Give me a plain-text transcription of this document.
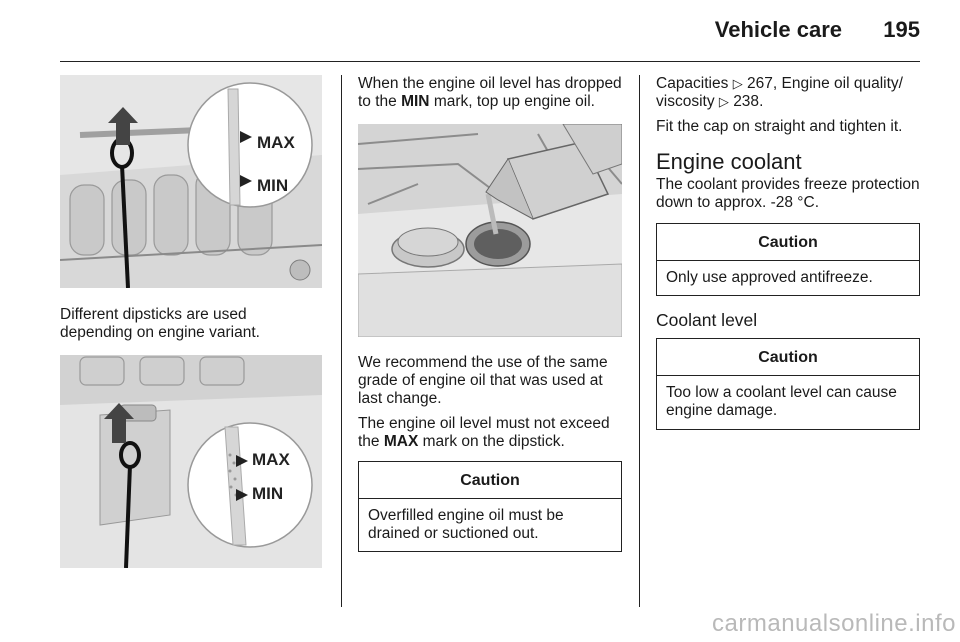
Vehicle care 195
MAX
MIN

Different dipsticks are used depending on engine variant.

MAX
MIN

When the engine oil level has dropped to the MIN mark, top up engine oil.

We recommend the use of the same grade of engine oil that was used at last change.

The engine oil level must not exceed the MAX mark on the dipstick.

Caution
Overfilled engine oil must be drained or suctioned out.

Capacities ▷ 267, Engine oil quality/ viscosity ▷ 238.

Fit the cap on straight and tighten it.

Engine coolant

The coolant provides freeze protection down to approx. -28 °C.

Caution
Only use approved antifreeze.
Coolant level
Caution
Too low a coolant level can cause engine damage.
carmanualsonline.info
